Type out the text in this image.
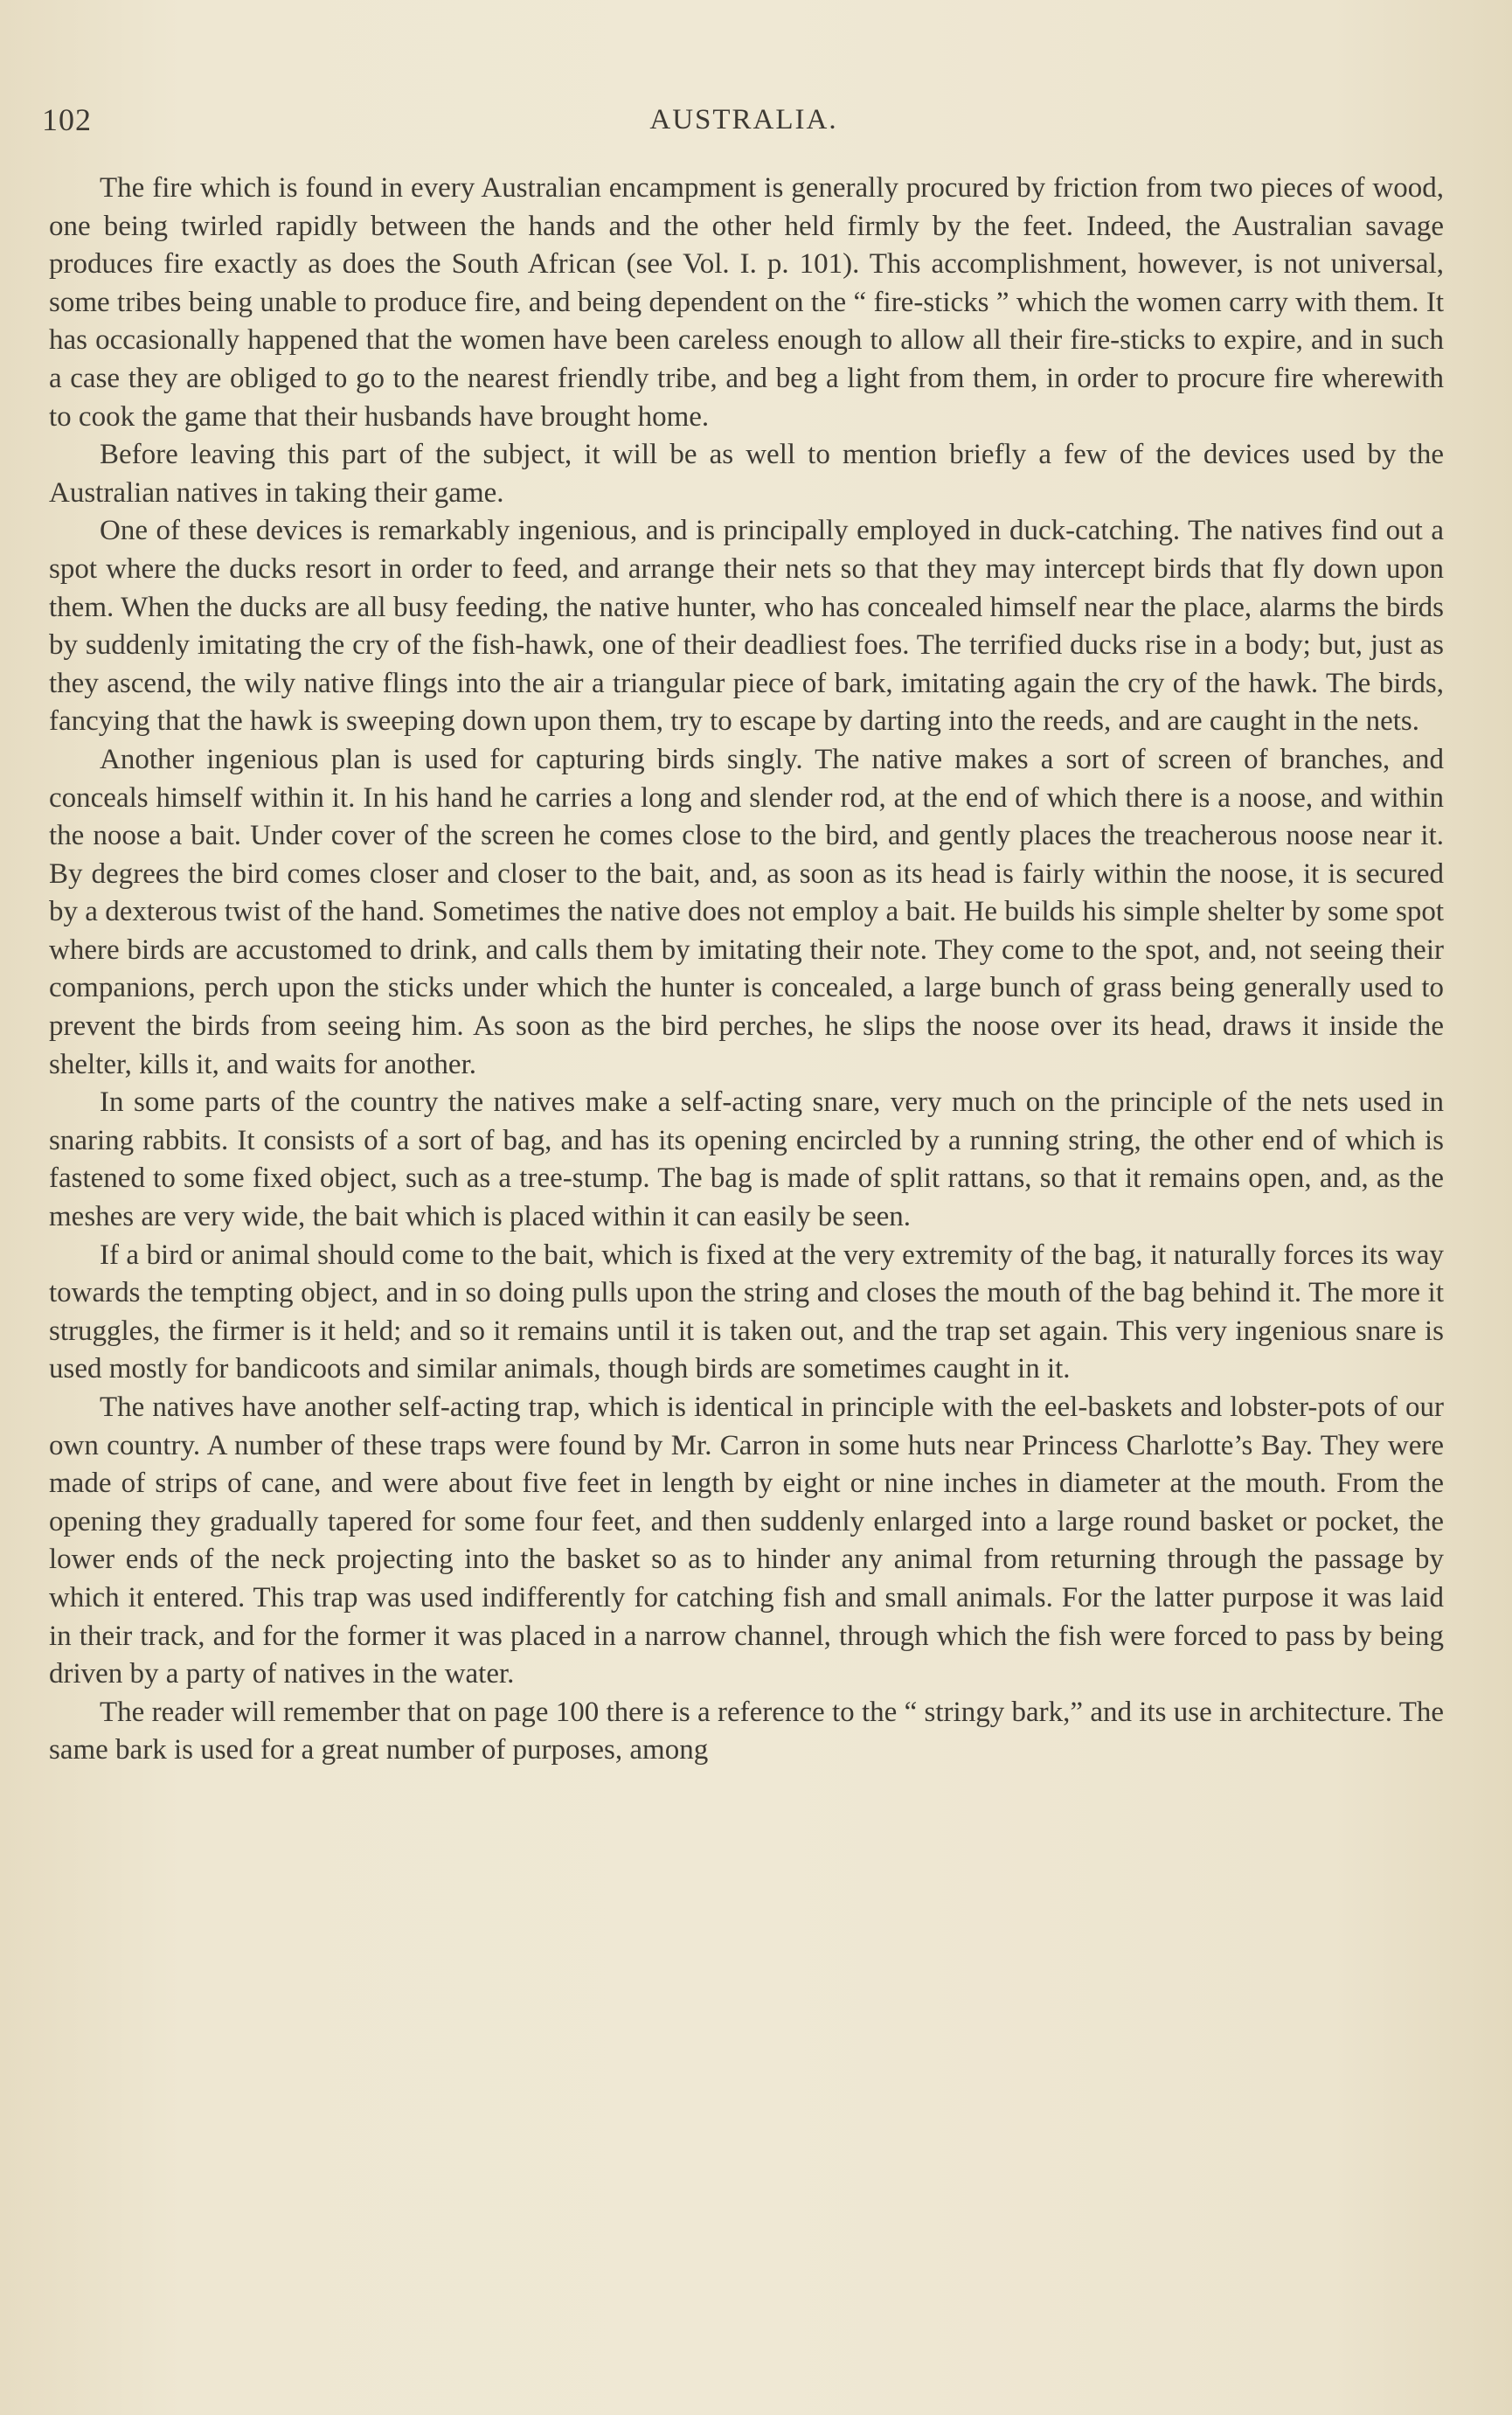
102	AUSTRALIA.

The fire which is found in every Australian encampment is generally procured by friction from two pieces of wood, one being twirled rapidly between the hands and the other held firmly by the feet. Indeed, the Australian savage produces fire exactly as does the South African (see Vol. I. p. 101). This accomplishment, however, is not universal, some tribes being unable to produce fire, and being dependent on the “ fire-sticks ” which the women carry with them. It has occasionally happened that the women have been careless enough to allow all their fire-sticks to expire, and in such a case they are obliged to go to the nearest friendly tribe, and beg a light from them, in order to procure fire wherewith to cook the game that their husbands have brought home.

Before leaving this part of the subject, it will be as well to mention briefly a few of the devices used by the Australian natives in taking their game.

One of these devices is remarkably ingenious, and is principally employed in duck-catching. The natives find out a spot where the ducks resort in order to feed, and arrange their nets so that they may intercept birds that fly down upon them. When the ducks are all busy feeding, the native hunter, who has concealed himself near the place, alarms the birds by suddenly imitating the cry of the fish-hawk, one of their deadliest foes. The terrified ducks rise in a body; but, just as they ascend, the wily native flings into the air a triangular piece of bark, imitating again the cry of the hawk. The birds, fancying that the hawk is sweeping down upon them, try to escape by darting into the reeds, and are caught in the nets.

Another ingenious plan is used for capturing birds singly. The native makes a sort of screen of branches, and conceals himself within it. In his hand he carries a long and slender rod, at the end of which there is a noose, and within the noose a bait. Under cover of the screen he comes close to the bird, and gently places the treacherous noose near it. By degrees the bird comes closer and closer to the bait, and, as soon as its head is fairly within the noose, it is secured by a dexterous twist of the hand. Sometimes the native does not employ a bait. He builds his simple shelter by some spot where birds are accustomed to drink, and calls them by imitating their note. They come to the spot, and, not seeing their companions, perch upon the sticks under which the hunter is concealed, a large bunch of grass being generally used to prevent the birds from seeing him. As soon as the bird perches, he slips the noose over its head, draws it inside the shelter, kills it, and waits for another.

In some parts of the country the natives make a self-acting snare, very much on the principle of the nets used in snaring rabbits. It consists of a sort of bag, and has its opening encircled by a running string, the other end of which is fastened to some fixed object, such as a tree-stump. The bag is made of split rattans, so that it remains open, and, as the meshes are very wide, the bait which is placed within it can easily be seen.

If a bird or animal should come to the bait, which is fixed at the very extremity of the bag, it naturally forces its way towards the tempting object, and in so doing pulls upon the string and closes the mouth of the bag behind it. The more it struggles, the firmer is it held; and so it remains until it is taken out, and the trap set again. This very ingenious snare is used mostly for bandicoots and similar animals, though birds are sometimes caught in it.

The natives have another self-acting trap, which is identical in principle with the eel-baskets and lobster-pots of our own country. A number of these traps were found by Mr. Carron in some huts near Princess Charlotte’s Bay. They were made of strips of cane, and were about five feet in length by eight or nine inches in diameter at the mouth. From the opening they gradually tapered for some four feet, and then suddenly enlarged into a large round basket or pocket, the lower ends of the neck projecting into the basket so as to hinder any animal from returning through the passage by which it entered. This trap was used indifferently for catching fish and small animals. For the latter purpose it was laid in their track, and for the former it was placed in a narrow channel, through which the fish were forced to pass by being driven by a party of natives in the water.

The reader will remember that on page 100 there is a reference to the “ stringy bark,” and its use in architecture. The same bark is used for a great number of purposes, among
